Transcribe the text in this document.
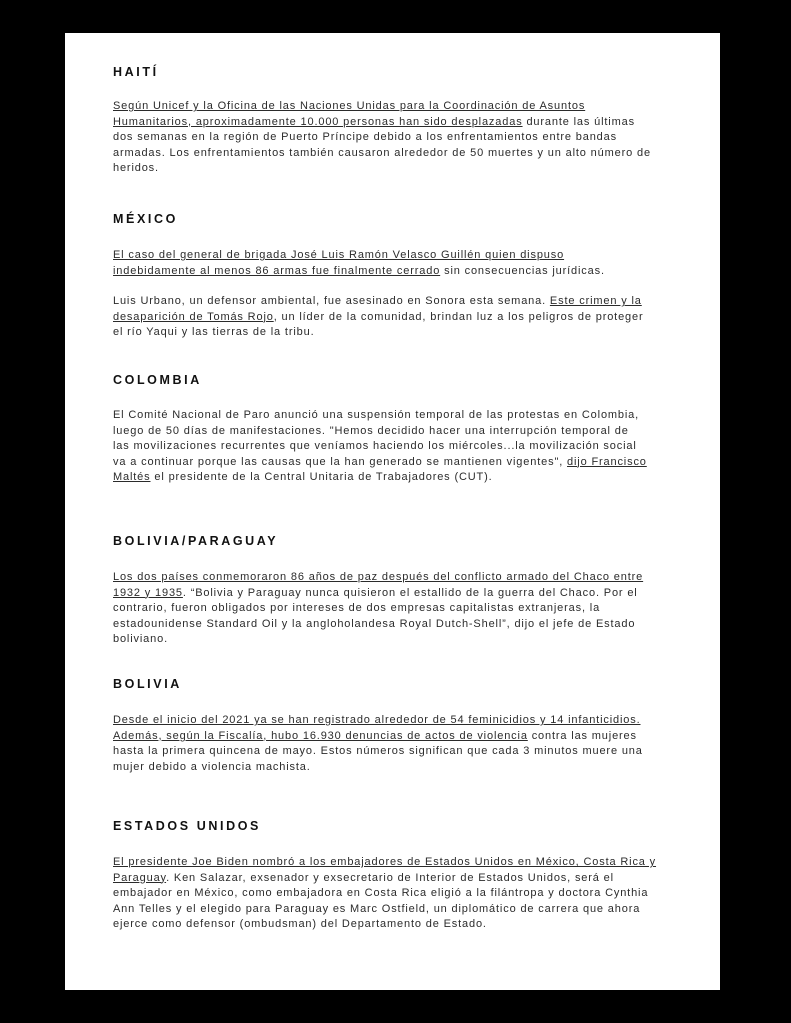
HAITÍ
Según Unicef y la Oficina de las Naciones Unidas para la Coordinación de Asuntos
Humanitarios, aproximadamente 10.000 personas han sido desplazadas durante las últimas
dos semanas en la región de Puerto Príncipe debido a los enfrentamientos entre bandas
armadas. Los enfrentamientos también causaron alrededor de 50 muertes y un alto número de
heridos.
MÉXICO
El caso del general de brigada José Luis Ramón Velasco Guillén quien dispuso
indebidamente al menos 86 armas fue finalmente cerrado sin consecuencias jurídicas.
Luis Urbano, un defensor ambiental, fue asesinado en Sonora esta semana. Este crimen y la
desaparición de Tomás Rojo, un líder de la comunidad, brindan luz a los peligros de proteger
el río Yaqui y las tierras de la tribu.
COLOMBIA
El Comité Nacional de Paro anunció una suspensión temporal de las protestas en Colombia,
luego de 50 días de manifestaciones. "Hemos decidido hacer una interrupción temporal de
las movilizaciones recurrentes que veníamos haciendo los miércoles...la movilización social
va a continuar porque las causas que la han generado se mantienen vigentes", dijo Francisco
Maltés el presidente de la Central Unitaria de Trabajadores (CUT).
BOLIVIA/PARAGUAY
Los dos países conmemoraron 86 años de paz después del conflicto armado del Chaco entre
1932 y 1935. “Bolivia y Paraguay nunca quisieron el estallido de la guerra del Chaco. Por el
contrario, fueron obligados por intereses de dos empresas capitalistas extranjeras, la
estadounidense Standard Oil y la angloholandesa Royal Dutch-Shell”, dijo el jefe de Estado
boliviano.
BOLIVIA
Desde el inicio del 2021 ya se han registrado alrededor de 54 feminicidios y 14 infanticidios.
Además, según la Fiscalía, hubo 16.930 denuncias de actos de violencia contra las mujeres
hasta la primera quincena de mayo. Estos números significan que cada 3 minutos muere una
mujer debido a violencia machista.
ESTADOS UNIDOS
El presidente Joe Biden nombró a los embajadores de Estados Unidos en México, Costa Rica y
Paraguay. Ken Salazar, exsenador y exsecretario de Interior de Estados Unidos, será el
embajador en México, como embajadora en Costa Rica eligió a la filántropa y doctora Cynthia
Ann Telles y el elegido para Paraguay es Marc Ostfield, un diplomático de carrera que ahora
ejerce como defensor (ombudsman) del Departamento de Estado.
